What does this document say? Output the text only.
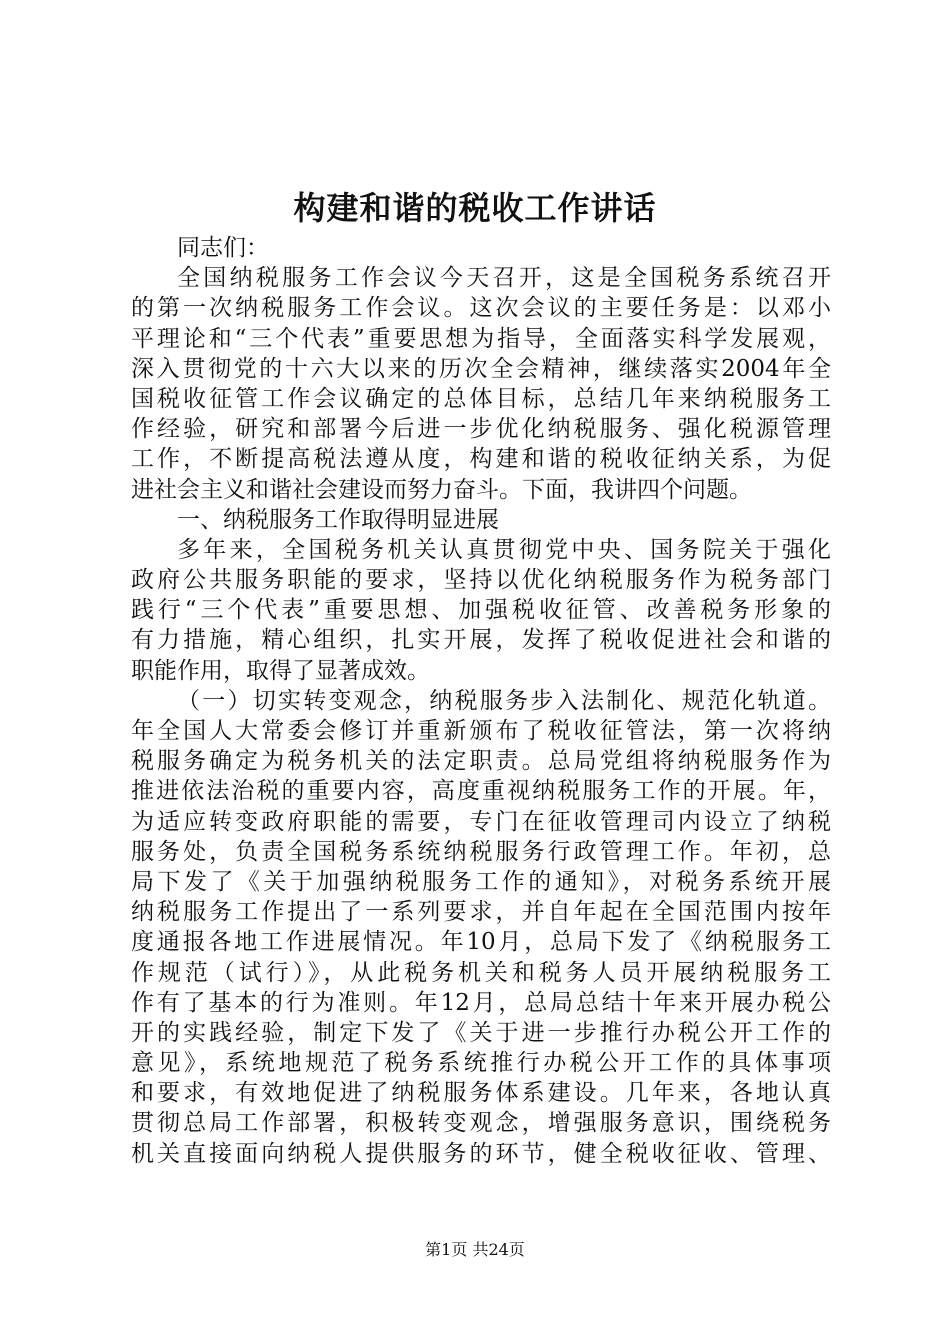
构建和谐的税收工作讲话
同志们：
全国纳税服务工作会议今天召开，这是全国税务系统召开
的第一次纳税服务工作会议。这次会议的主要任务是：以邓小
平理论和“三个代表”重要思想为指导，全面落实科学发展观，
深入贯彻党的十六大以来的历次全会精神，继续落实2004年全
国税收征管工作会议确定的总体目标，总结几年来纳税服务工
作经验，研究和部署今后进一步优化纳税服务、强化税源管理
工作，不断提高税法遵从度，构建和谐的税收征纳关系，为促
进社会主义和谐社会建设而努力奋斗。下面，我讲四个问题。
一、纳税服务工作取得明显进展
多年来，全国税务机关认真贯彻党中央、国务院关于强化
政府公共服务职能的要求，坚持以优化纳税服务作为税务部门
践行“三个代表”重要思想、加强税收征管、改善税务形象的
有力措施，精心组织，扎实开展，发挥了税收促进社会和谐的
职能作用，取得了显著成效。
（一）切实转变观念，纳税服务步入法制化、规范化轨道。
年全国人大常委会修订并重新颁布了税收征管法，第一次将纳
税服务确定为税务机关的法定职责。总局党组将纳税服务作为
推进依法治税的重要内容，高度重视纳税服务工作的开展。年，
为适应转变政府职能的需要，专门在征收管理司内设立了纳税
服务处，负责全国税务系统纳税服务行政管理工作。年初，总
局下发了《关于加强纳税服务工作的通知》，对税务系统开展
纳税服务工作提出了一系列要求，并自年起在全国范围内按年
度通报各地工作进展情况。年10月，总局下发了《纳税服务工
作规范（试行）》，从此税务机关和税务人员开展纳税服务工
作有了基本的行为准则。年12月，总局总结十年来开展办税公
开的实践经验，制定下发了《关于进一步推行办税公开工作的
意见》，系统地规范了税务系统推行办税公开工作的具体事项
和要求，有效地促进了纳税服务体系建设。几年来，各地认真
贯彻总局工作部署，积极转变观念，增强服务意识，围绕税务
机关直接面向纳税人提供服务的环节，健全税收征收、管理、
第1页 共24页
